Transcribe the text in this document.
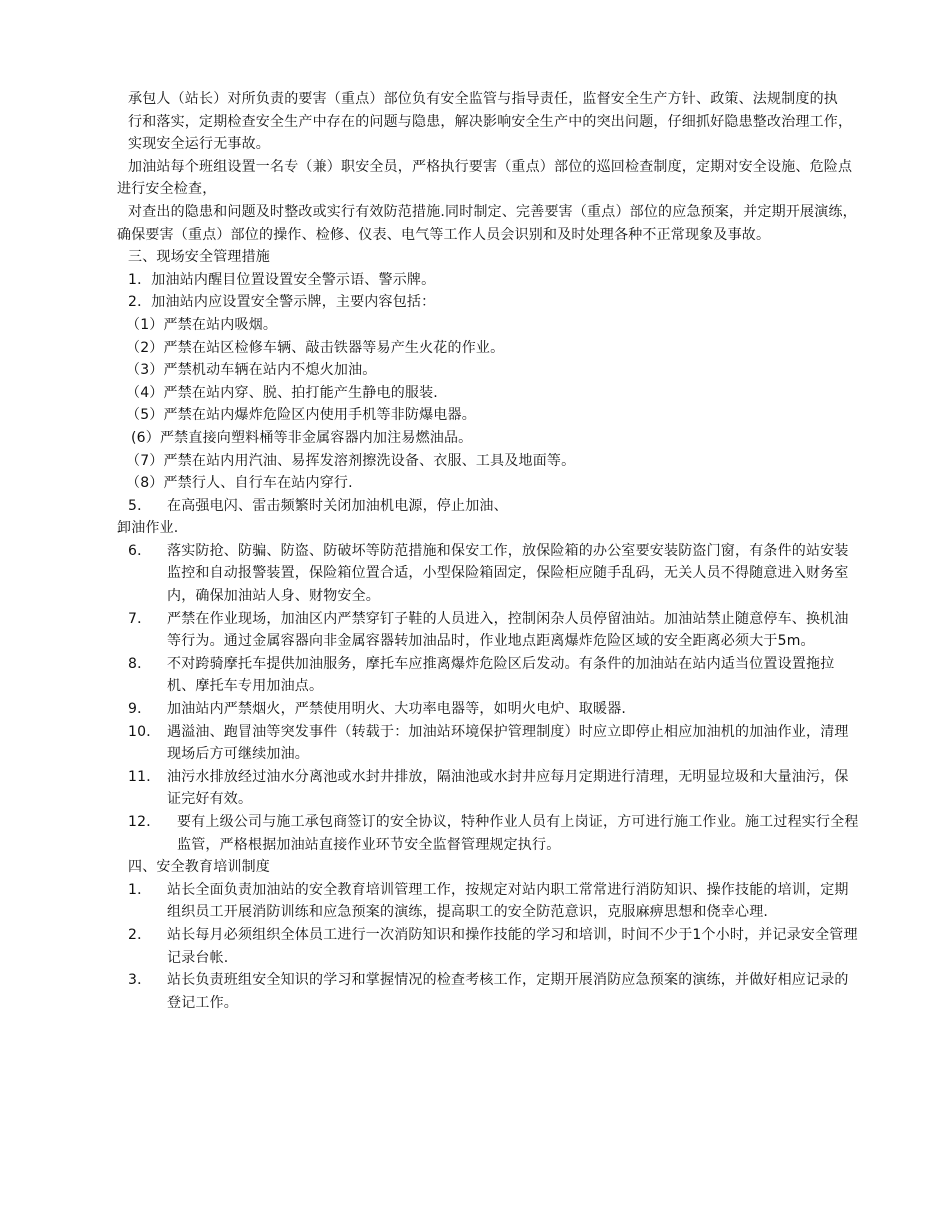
承包人（站长）对所负责的要害（重点）部位负有安全监管与指导责任，监督安全生产方针、政策、法规制度的执

行和落实，定期检查安全生产中存在的问题与隐患，解决影响安全生产中的突出问题，仔细抓好隐患整改治理工作，实现安全运行无事故。

加油站每个班组设置一名专（兼）职安全员，严格执行要害（重点）部位的巡回检查制度，定期对安全设施、危险点进行安全检查，

对查出的隐患和问题及时整改或实行有效防范措施.同时制定、完善要害（重点）部位的应急预案，并定期开展演练，确保要害（重点）部位的操作、检修、仪表、电气等工作人员会识别和及时处理各种不正常现象及事故。

三、现场安全管理措施

1．加油站内醒目位置设置安全警示语、警示牌。

2．加油站内应设置安全警示牌，主要内容包括：

（1）严禁在站内吸烟。

（2）严禁在站区检修车辆、敲击铁器等易产生火花的作业。

（3）严禁机动车辆在站内不熄火加油。

（4）严禁在站内穿、脱、拍打能产生静电的服装.

（5）严禁在站内爆炸危险区内使用手机等非防爆电器。

(6）严禁直接向塑料桶等非金属容器内加注易燃油品。

（7）严禁在站内用汽油、易挥发溶剂擦洗设备、衣服、工具及地面等。

（8）严禁行人、自行车在站内穿行.

5．	在高强电闪、雷击频繁时关闭加油机电源，停止加油、

卸油作业.

6．	落实防抢、防骗、防盗、防破坏等防范措施和保安工作，放保险箱的办公室要安装防盗门窗，有条件的站安装监控和自动报警装置，保险箱位置合适，小型保险箱固定，保险柜应随手乱码，无关人员不得随意进入财务室内，确保加油站人身、财物安全。
7．	严禁在作业现场，加油区内严禁穿钉子鞋的人员进入，控制闲杂人员停留油站。加油站禁止随意停车、换机油等行为。通过金属容器向非金属容器转加油品时，作业地点距离爆炸危险区域的安全距离必须大于5m。
8．	不对跨骑摩托车提供加油服务，摩托车应推离爆炸危险区后发动。有条件的加油站在站内适当位置设置拖拉机、摩托车专用加油点。
9．	加油站内严禁烟火，严禁使用明火、大功率电器等，如明火电炉、取暖器.
10． 遇溢油、跑冒油等突发事件（转载于：加油站环境保护管理制度）时应立即停止相应加油机的加油作业，清理现场后方可继续加油。
11． 油污水排放经过油水分离池或水封井排放，隔油池或水封井应每月定期进行清理，无明显垃圾和大量油污，保证完好有效。
12．	要有上级公司与施工承包商签订的安全协议，特种作业人员有上岗证，方可进行施工作业。施工过程实行全程监管，严格根据加油站直接作业环节安全监督管理规定执行。

四、安全教育培训制度

1．	站长全面负责加油站的安全教育培训管理工作，按规定对站内职工常常进行消防知识、操作技能的培训，定期组织员工开展消防训练和应急预案的演练，提高职工的安全防范意识，克服麻痹思想和侥幸心理.
2．	站长每月必须组织全体员工进行一次消防知识和操作技能的学习和培训，时间不少于1个小时，并记录安全管理记录台帐.
3．	站长负责班组安全知识的学习和掌握情况的检查考核工作，定期开展消防应急预案的演练，并做好相应记录的登记工作。
